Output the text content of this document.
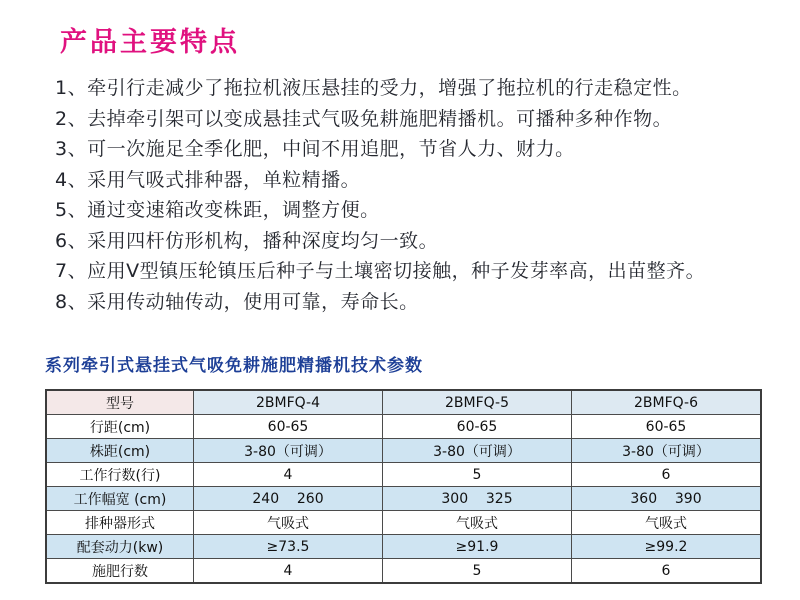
产品主要特点
1、牵引行走减少了拖拉机液压悬挂的受力，增强了拖拉机的行走稳定性。
2、去掉牵引架可以变成悬挂式气吸免耕施肥精播机。可播种多种作物。
3、可一次施足全季化肥，中间不用追肥，节省人力、财力。
4、采用气吸式排种器，单粒精播。
5、通过变速箱改变株距，调整方便。
6、采用四杆仿形机构，播种深度均匀一致。
7、应用V型镇压轮镇压后种子与土壤密切接触，种子发芽率高，出苗整齐。
8、采用传动轴传动，使用可靠，寿命长。
系列牵引式悬挂式气吸免耕施肥精播机技术参数
型号	2BMFQ-4	2BMFQ-5	2BMFQ-6
行距(cm)	60-65	60-65	60-65
株距(cm)	3-80（可调）	3-80（可调）	3-80（可调）
工作行数(行)	4	5	6
工作幅宽 (cm)	240    260	300    325	360    390
排种器形式	气吸式	气吸式	气吸式
配套动力(kw)	≥73.5	≥91.9	≥99.2
施肥行数	4	5	6
